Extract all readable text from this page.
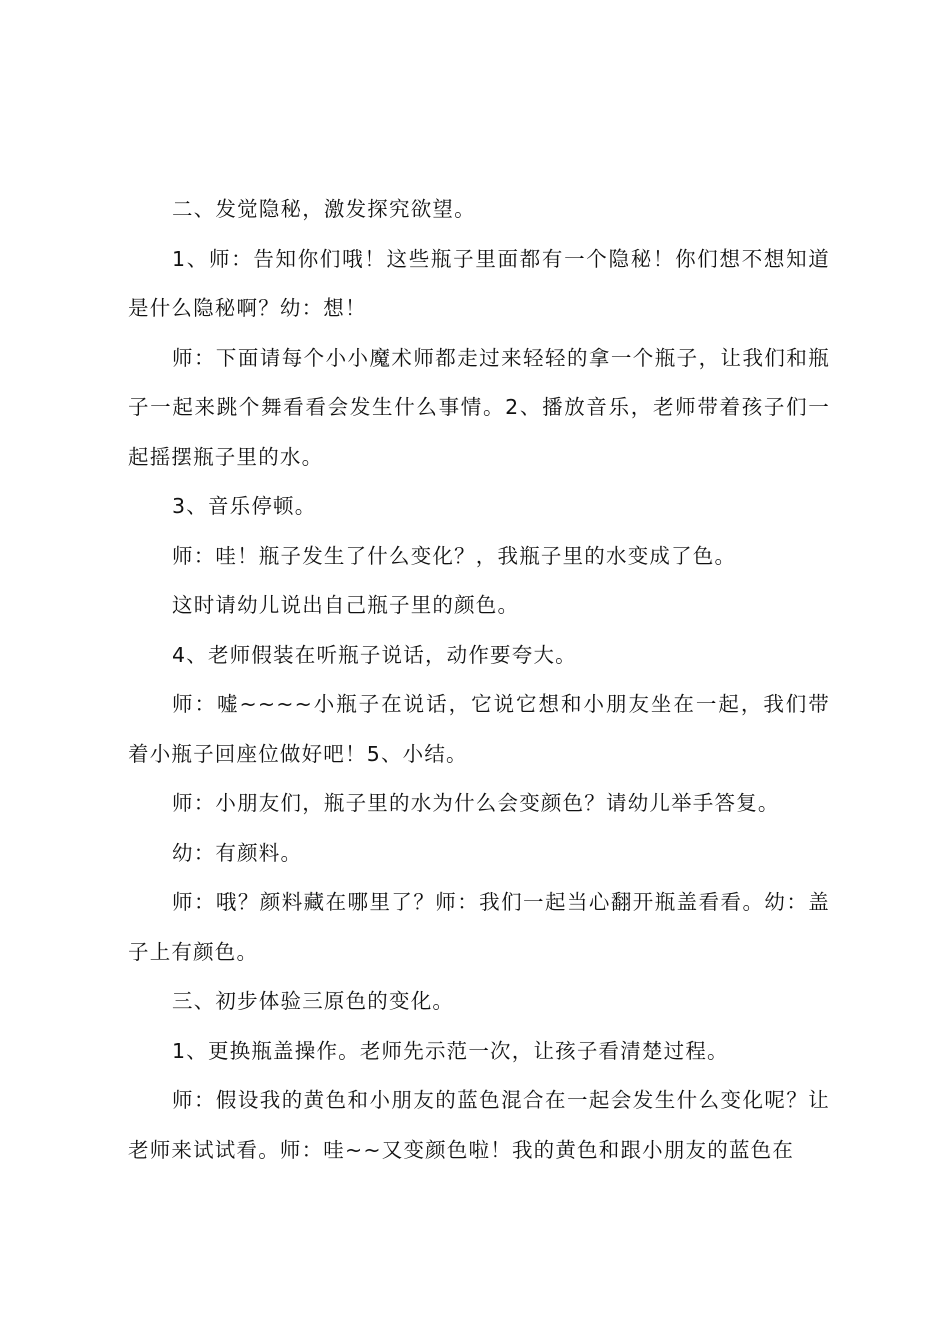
二、发觉隐秘，激发探究欲望。

1、师：告知你们哦！这些瓶子里面都有一个隐秘！你们想不想知道是什么隐秘啊？幼：想！

师：下面请每个小小魔术师都走过来轻轻的拿一个瓶子，让我们和瓶子一起来跳个舞看看会发生什么事情。2、播放音乐，老师带着孩子们一起摇摆瓶子里的水。

3、音乐停顿。

师：哇！瓶子发生了什么变化？，我瓶子里的水变成了色。

这时请幼儿说出自己瓶子里的颜色。

4、老师假装在听瓶子说话，动作要夸大。

师：嘘~~~~小瓶子在说话，它说它想和小朋友坐在一起，我们带着小瓶子回座位做好吧！5、小结。

师：小朋友们，瓶子里的水为什么会变颜色？请幼儿举手答复。

幼：有颜料。

师：哦？颜料藏在哪里了？师：我们一起当心翻开瓶盖看看。幼：盖子上有颜色。

三、初步体验三原色的变化。

1、更换瓶盖操作。老师先示范一次，让孩子看清楚过程。

师：假设我的黄色和小朋友的蓝色混合在一起会发生什么变化呢？让老师来试试看。师：哇~~又变颜色啦！我的黄色和跟小朋友的蓝色在
